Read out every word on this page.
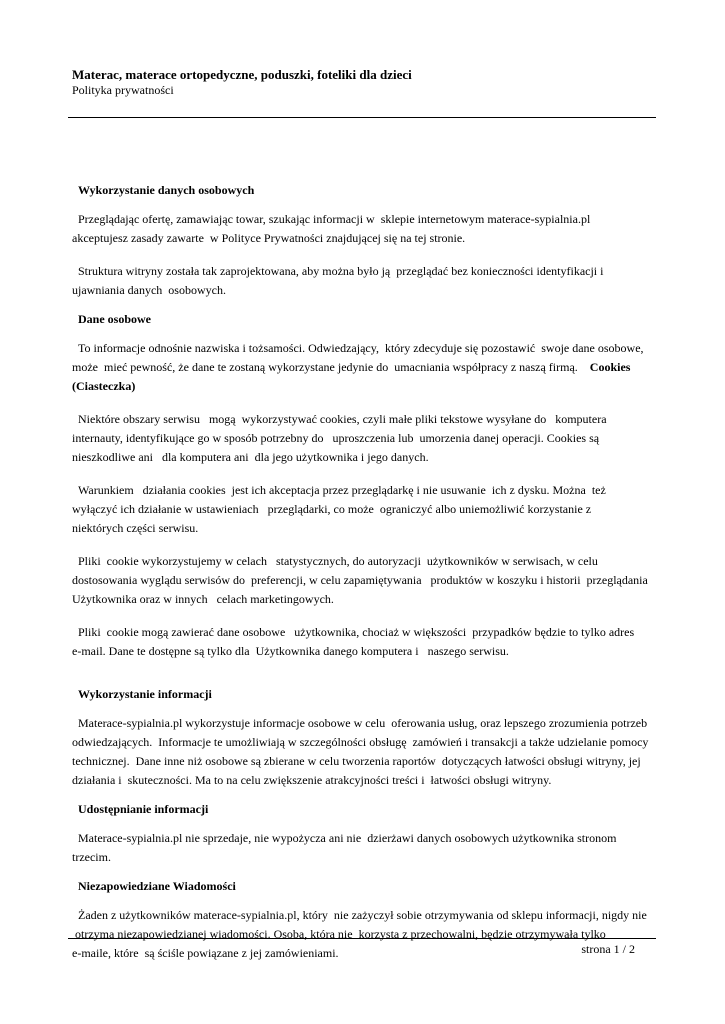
Materac, materace ortopedyczne, poduszki, foteliki dla dzieci
Polityka prywatności

Wykorzystanie danych osobowych

Przeglądając ofertę, zamawiając towar, szukając informacji w  sklepie internetowym materace-sypialnia.pl
akceptujesz zasady zawarte  w Polityce Prywatności znajdującej się na tej stronie.

Struktura witryny została tak zaprojektowana, aby można było ją  przeglądać bez konieczności identyfikacji i
ujawniania danych  osobowych.

Dane osobowe

To informacje odnośnie nazwiska i tożsamości. Odwiedzający,  który zdecyduje się pozostawić  swoje dane osobowe,
może  mieć pewność, że dane te zostaną wykorzystane jedynie do  umacniania współpracy z naszą firmą.    Cookies
(Ciasteczka)

Niektóre obszary serwisu   mogą  wykorzystywać cookies, czyli małe pliki tekstowe wysyłane do   komputera
internauty, identyfikujące go w sposób potrzebny do   uproszczenia lub  umorzenia danej operacji. Cookies są
nieszkodliwe ani   dla komputera ani  dla jego użytkownika i jego danych.

Warunkiem   działania cookies  jest ich akceptacja przez przeglądarkę i nie usuwanie  ich z dysku. Można  też
wyłączyć ich działanie w ustawieniach   przeglądarki, co może  ograniczyć albo uniemożliwić korzystanie z
niektórych części serwisu.

Pliki  cookie wykorzystujemy w celach   statystycznych, do autoryzacji  użytkowników w serwisach, w celu
dostosowania wyglądu serwisów do  preferencji, w celu zapamiętywania   produktów w koszyku i historii  przeglądania
Użytkownika oraz w innych   celach marketingowych.

Pliki  cookie mogą zawierać dane osobowe   użytkownika, chociaż w większości  przypadków będzie to tylko adres
e-mail. Dane te dostępne są tylko dla  Użytkownika danego komputera i   naszego serwisu.

Wykorzystanie informacji

Materace-sypialnia.pl wykorzystuje informacje osobowe w celu  oferowania usług, oraz lepszego zrozumienia potrzeb
odwiedzających.  Informacje te umożliwiają w szczególności obsługę  zamówień i transakcji a także udzielanie pomocy
technicznej.  Dane inne niż osobowe są zbierane w celu tworzenia raportów  dotyczących łatwości obsługi witryny, jej
działania i  skuteczności. Ma to na celu zwiększenie atrakcyjności treści i  łatwości obsługi witryny.

Udostępnianie informacji

Materace-sypialnia.pl nie sprzedaje, nie wypożycza ani nie  dzierżawi danych osobowych użytkownika stronom
trzecim.

Niezapowiedziane Wiadomości

Żaden z użytkowników materace-sypialnia.pl, który  nie zażyczył sobie otrzymywania od sklepu informacji, nigdy nie
otrzyma niezapowiedzianej wiadomości. Osoba, która nie  korzysta z przechowalni, będzie otrzymywała tylko
e-maile, które  są ściśle powiązane z jej zamówieniami.	strona 1 / 2
